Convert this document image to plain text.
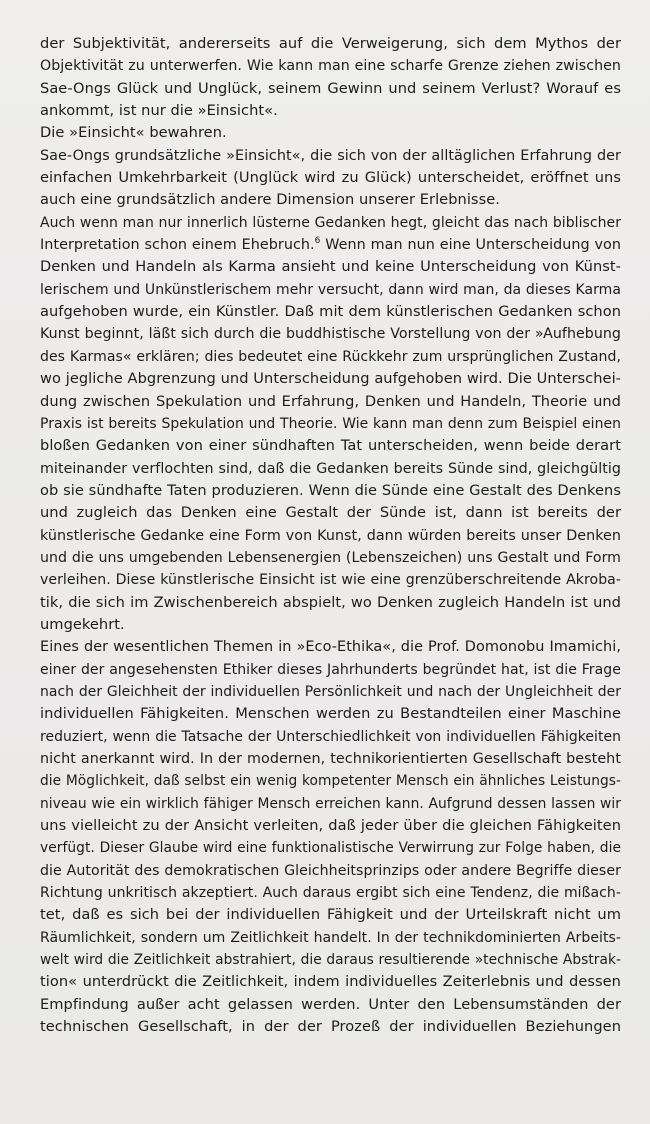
der Subjektivität, andererseits auf die Verweigerung, sich dem Mythos der
Objektivität zu unterwerfen. Wie kann man eine scharfe Grenze ziehen zwischen
Sae-Ongs Glück und Unglück, seinem Gewinn und seinem Verlust? Worauf es
ankommt, ist nur die »Einsicht«.
Die »Einsicht« bewahren.
Sae-Ongs grundsätzliche »Einsicht«, die sich von der alltäglichen Erfahrung der
einfachen Umkehrbarkeit (Unglück wird zu Glück) unterscheidet, eröffnet uns
auch eine grundsätzlich andere Dimension unserer Erlebnisse.
Auch wenn man nur innerlich lüsterne Gedanken hegt, gleicht das nach biblischer
Interpretation schon einem Ehebruch.$^6$ Wenn man nun eine Unterscheidung von
Denken und Handeln als Karma ansieht und keine Unterscheidung von Künst-
lerischem und Unkünstlerischem mehr versucht, dann wird man, da dieses Karma
aufgehoben wurde, ein Künstler. Daß mit dem künstlerischen Gedanken schon
Kunst beginnt, läßt sich durch die buddhistische Vorstellung von der »Aufhebung
des Karmas« erklären; dies bedeutet eine Rückkehr zum ursprünglichen Zustand,
wo jegliche Abgrenzung und Unterscheidung aufgehoben wird. Die Unterschei-
dung zwischen Spekulation und Erfahrung, Denken und Handeln, Theorie und
Praxis ist bereits Spekulation und Theorie. Wie kann man denn zum Beispiel einen
bloßen Gedanken von einer sündhaften Tat unterscheiden, wenn beide derart
miteinander verflochten sind, daß die Gedanken bereits Sünde sind, gleichgültig
ob sie sündhafte Taten produzieren. Wenn die Sünde eine Gestalt des Denkens
und zugleich das Denken eine Gestalt der Sünde ist, dann ist bereits der
künstlerische Gedanke eine Form von Kunst, dann würden bereits unser Denken
und die uns umgebenden Lebensenergien (Lebenszeichen) uns Gestalt und Form
verleihen. Diese künstlerische Einsicht ist wie eine grenzüberschreitende Akroba-
tik, die sich im Zwischenbereich abspielt, wo Denken zugleich Handeln ist und
umgekehrt.
Eines der wesentlichen Themen in »Eco-Ethika«, die Prof. Domonobu Imamichi,
einer der angesehensten Ethiker dieses Jahrhunderts begründet hat, ist die Frage
nach der Gleichheit der individuellen Persönlichkeit und nach der Ungleichheit der
individuellen Fähigkeiten. Menschen werden zu Bestandteilen einer Maschine
reduziert, wenn die Tatsache der Unterschiedlichkeit von individuellen Fähigkeiten
nicht anerkannt wird. In der modernen, technikorientierten Gesellschaft besteht
die Möglichkeit, daß selbst ein wenig kompetenter Mensch ein ähnliches Leistungs-
niveau wie ein wirklich fähiger Mensch erreichen kann. Aufgrund dessen lassen wir
uns vielleicht zu der Ansicht verleiten, daß jeder über die gleichen Fähigkeiten
verfügt. Dieser Glaube wird eine funktionalistische Verwirrung zur Folge haben, die
die Autorität des demokratischen Gleichheitsprinzips oder andere Begriffe dieser
Richtung unkritisch akzeptiert. Auch daraus ergibt sich eine Tendenz, die mißach-
tet, daß es sich bei der individuellen Fähigkeit und der Urteilskraft nicht um
Räumlichkeit, sondern um Zeitlichkeit handelt. In der technikdominierten Arbeits-
welt wird die Zeitlichkeit abstrahiert, die daraus resultierende »technische Abstrak-
tion« unterdrückt die Zeitlichkeit, indem individuelles Zeiterlebnis und dessen
Empfindung außer acht gelassen werden. Unter den Lebensumständen der
technischen Gesellschaft, in der der Prozeß der individuellen Beziehungen
